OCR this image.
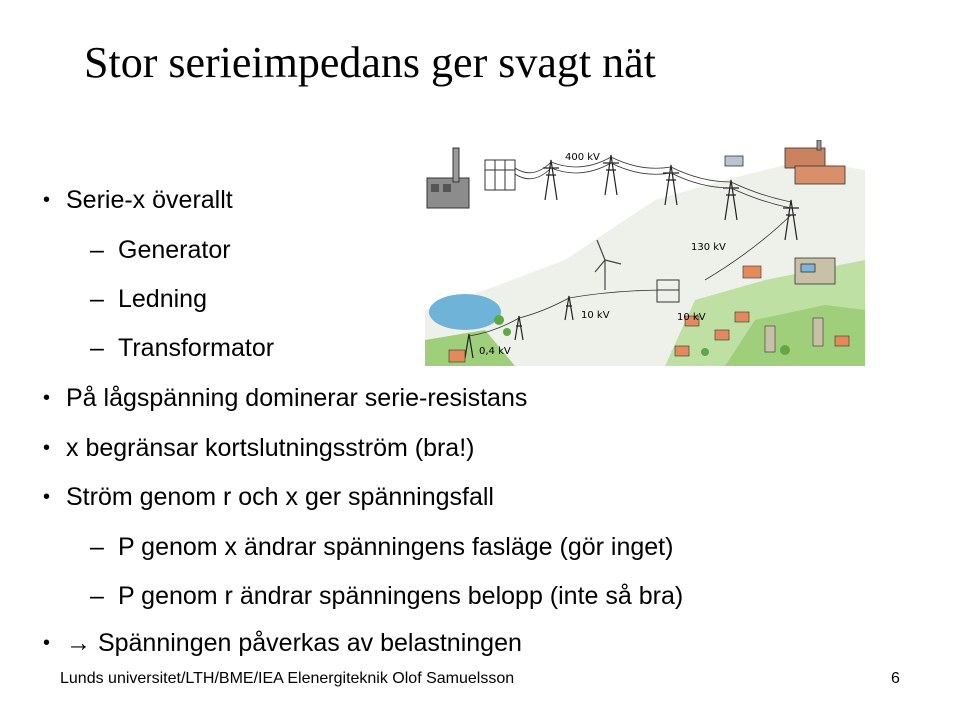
Stor serieimpedans ger svagt nät
400 kV
130 kV
10 kV	10 kV
0,4 kV
• Serie-x överallt
– Generator
– Ledning
– Transformator
• På lågspänning dominerar serie-resistans
• x begränsar kortslutningsström (bra!)
• Ström genom r och x ger spänningsfall
– P genom x ändrar spänningens fasläge (gör inget)
– P genom r ändrar spänningens belopp (inte så bra)
• → Spänningen påverkas av belastningen
Lunds universitet/LTH/BME/IEA Elenergiteknik Olof Samuelsson	6
